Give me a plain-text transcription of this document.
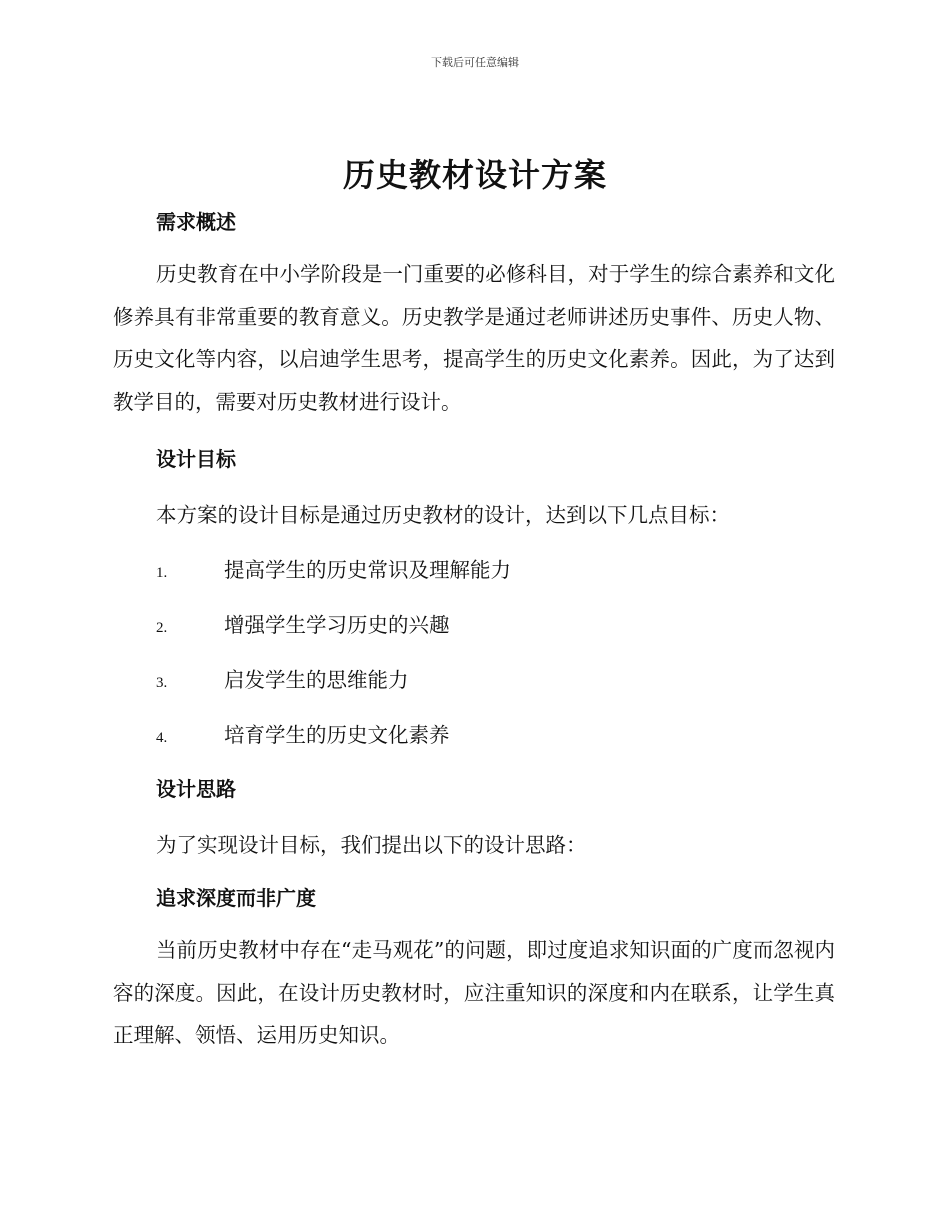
下载后可任意编辑
历史教材设计方案
需求概述
历史教育在中小学阶段是一门重要的必修科目，对于学生的综合素养和文化修养具有非常重要的教育意义。历史教学是通过老师讲述历史事件、历史人物、历史文化等内容，以启迪学生思考，提高学生的历史文化素养。因此，为了达到教学目的，需要对历史教材进行设计。
设计目标
本方案的设计目标是通过历史教材的设计，达到以下几点目标：
1.	提高学生的历史常识及理解能力
2.	增强学生学习历史的兴趣
3.	启发学生的思维能力
4.	培育学生的历史文化素养
设计思路
为了实现设计目标，我们提出以下的设计思路：
追求深度而非广度
当前历史教材中存在“走马观花”的问题，即过度追求知识面的广度而忽视内容的深度。因此，在设计历史教材时，应注重知识的深度和内在联系，让学生真正理解、领悟、运用历史知识。
